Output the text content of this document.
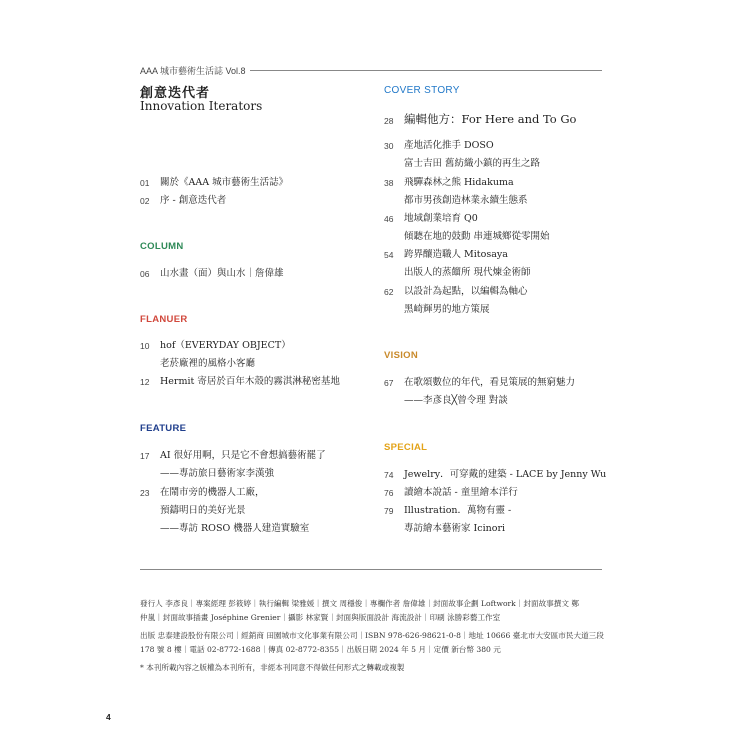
AAA 城市藝術生活誌 Vol.8
創意迭代者
Innovation Iterators
01 關於《AAA 城市藝術生活誌》
02 序 - 創意迭代者
COLUMN
06 山水畫（面）與山水｜詹偉雄
FLANUER
10 hof（EVERYDAY OBJECT）
老菸廠裡的風格小客廳
12 Hermit 寄居於百年木殼的霧淇淋秘密基地
FEATURE
17 AI 很好用啊，只是它不會想搞藝術罷了
——專訪旅日藝術家李漢強
23 在鬧市旁的機器人工廠，
預鑄明日的美好光景
——專訪 ROSO 機器人建造實驗室
COVER STORY
28 編輯他方：For Here and To Go
30 產地活化推手 DOSO
富士吉田 舊紡織小鎮的再生之路
38 飛驒森林之熊 Hidakuma
都市男孩創造林業永續生態系
46 地域創業培育 Q0
傾聽在地的鼓動 串連城鄉從零開始
54 跨界釀造職人 Mitosaya
出版人的蒸餾所 現代煉金術師
62 以設計為起點，以編輯為軸心
黑崎輝男的地方策展
VISION
67 在歌頌數位的年代，看見策展的無窮魅力
——李彥良╳曾令理 對談
SPECIAL
74 Jewelry．可穿戴的建築 - LACE by Jenny Wu
76 讀繪本說話 - 童里繪本洋行
79 Illustration．萬物有靈 -
專訪繪本藝術家 Icinori
發行人 李彥良｜專案經理 彭筱婷｜執行編輯 梁雅媛｜撰文 周穩俊｜專欄作者 詹偉雄｜封面故事企劃 Loftwork｜封面故事撰文 鄭
仲嵐｜封面故事插畫 Joséphine Grenier｜攝影 林家賢｜封面與版面設計 海流設計｜印刷 泳勝彩藝工作室
出版 忠泰建設股份有限公司｜經銷商 田園城市文化事業有限公司｜ISBN 978-626-98621-0-8｜地址 10666 臺北市大安區市民大道三段
178 號 8 樓｜電話 02-8772-1688｜傳真 02-8772-8355｜出版日期 2024 年 5 月｜定價 新台幣 380 元
* 本刊所載內容之版權為本刊所有，非經本刊同意不得做任何形式之轉載或複製
4
